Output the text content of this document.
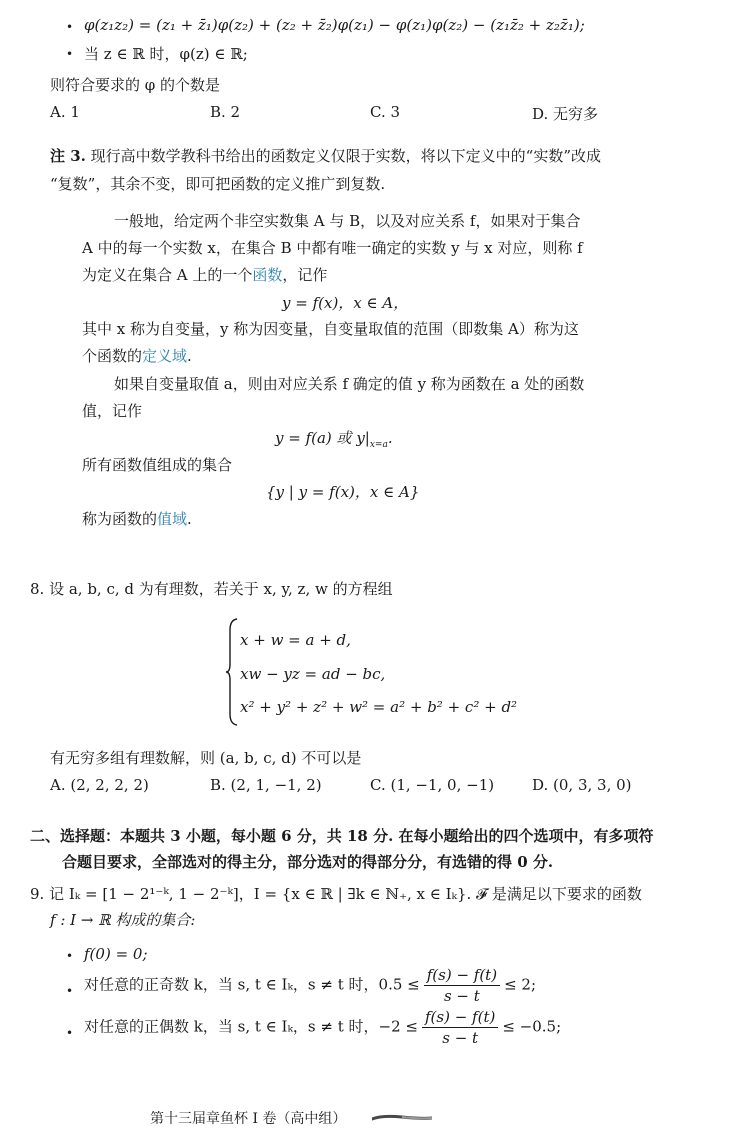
• φ(z₁z₂) = (z₁ + z̄₁)φ(z₂) + (z₂ + z̄₂)φ(z₁) − φ(z₁)φ(z₂) − (z₁z̄₂ + z₂z̄₁);
• 当 z ∈ ℝ 时，φ(z) ∈ ℝ;
则符合要求的 φ 的个数是
A. 1	B. 2	C. 3	D. 无穷多
注 3. 现行高中数学教科书给出的函数定义仅限于实数，将以下定义中的“实数”改成
“复数”，其余不变，即可把函数的定义推广到复数.
一般地，给定两个非空实数集 A 与 B，以及对应关系 f，如果对于集合
A 中的每一个实数 x，在集合 B 中都有唯一确定的实数 y 与 x 对应，则称 f
为定义在集合 A 上的一个函数，记作
y = f(x)，x ∈ A，
其中 x 称为自变量，y 称为因变量，自变量取值的范围（即数集 A）称为这
个函数的定义域.
如果自变量取值 a，则由对应关系 f 确定的值 y 称为函数在 a 处的函数
值，记作
y = f(a) 或 $y|_{x=a}$.
所有函数值组成的集合
{y | y = f(x)，x ∈ A}
称为函数的值域.
8. 设 a, b, c, d 为有理数，若关于 x, y, z, w 的方程组
x + w = a + d,
xw − yz = ad − bc,
x² + y² + z² + w² = a² + b² + c² + d²
有无穷多组有理数解，则 (a, b, c, d) 不可以是
A. (2, 2, 2, 2)	B. (2, 1, −1, 2)	C. (1, −1, 0, −1)	D. (0, 3, 3, 0)
二、选择题：本题共 3 小题，每小题 6 分，共 18 分. 在每小题给出的四个选项中，有多项符
合题目要求，全部选对的得主分，部分选对的得部分分，有选错的得 0 分.
9. 记 Iₖ = [1 − 2¹⁻ᵏ, 1 − 2⁻ᵏ]，I = {x ∈ ℝ | ∃k ∈ ℕ₊, x ∈ Iₖ}. 𝓕 是满足以下要求的函数
f : I → ℝ 构成的集合:
• f(0) = 0;
• 对任意的正奇数 k，当 s, t ∈ Iₖ，s ≠ t 时，$0.5 \le \frac{f(s) - f(t)}{s - t} \le 2$;
• 对任意的正偶数 k，当 s, t ∈ Iₖ，s ≠ t 时，$-2 \le \frac{f(s) - f(t)}{s - t} \le -0.5$;
第十三届章鱼杯 I 卷（高中组）
